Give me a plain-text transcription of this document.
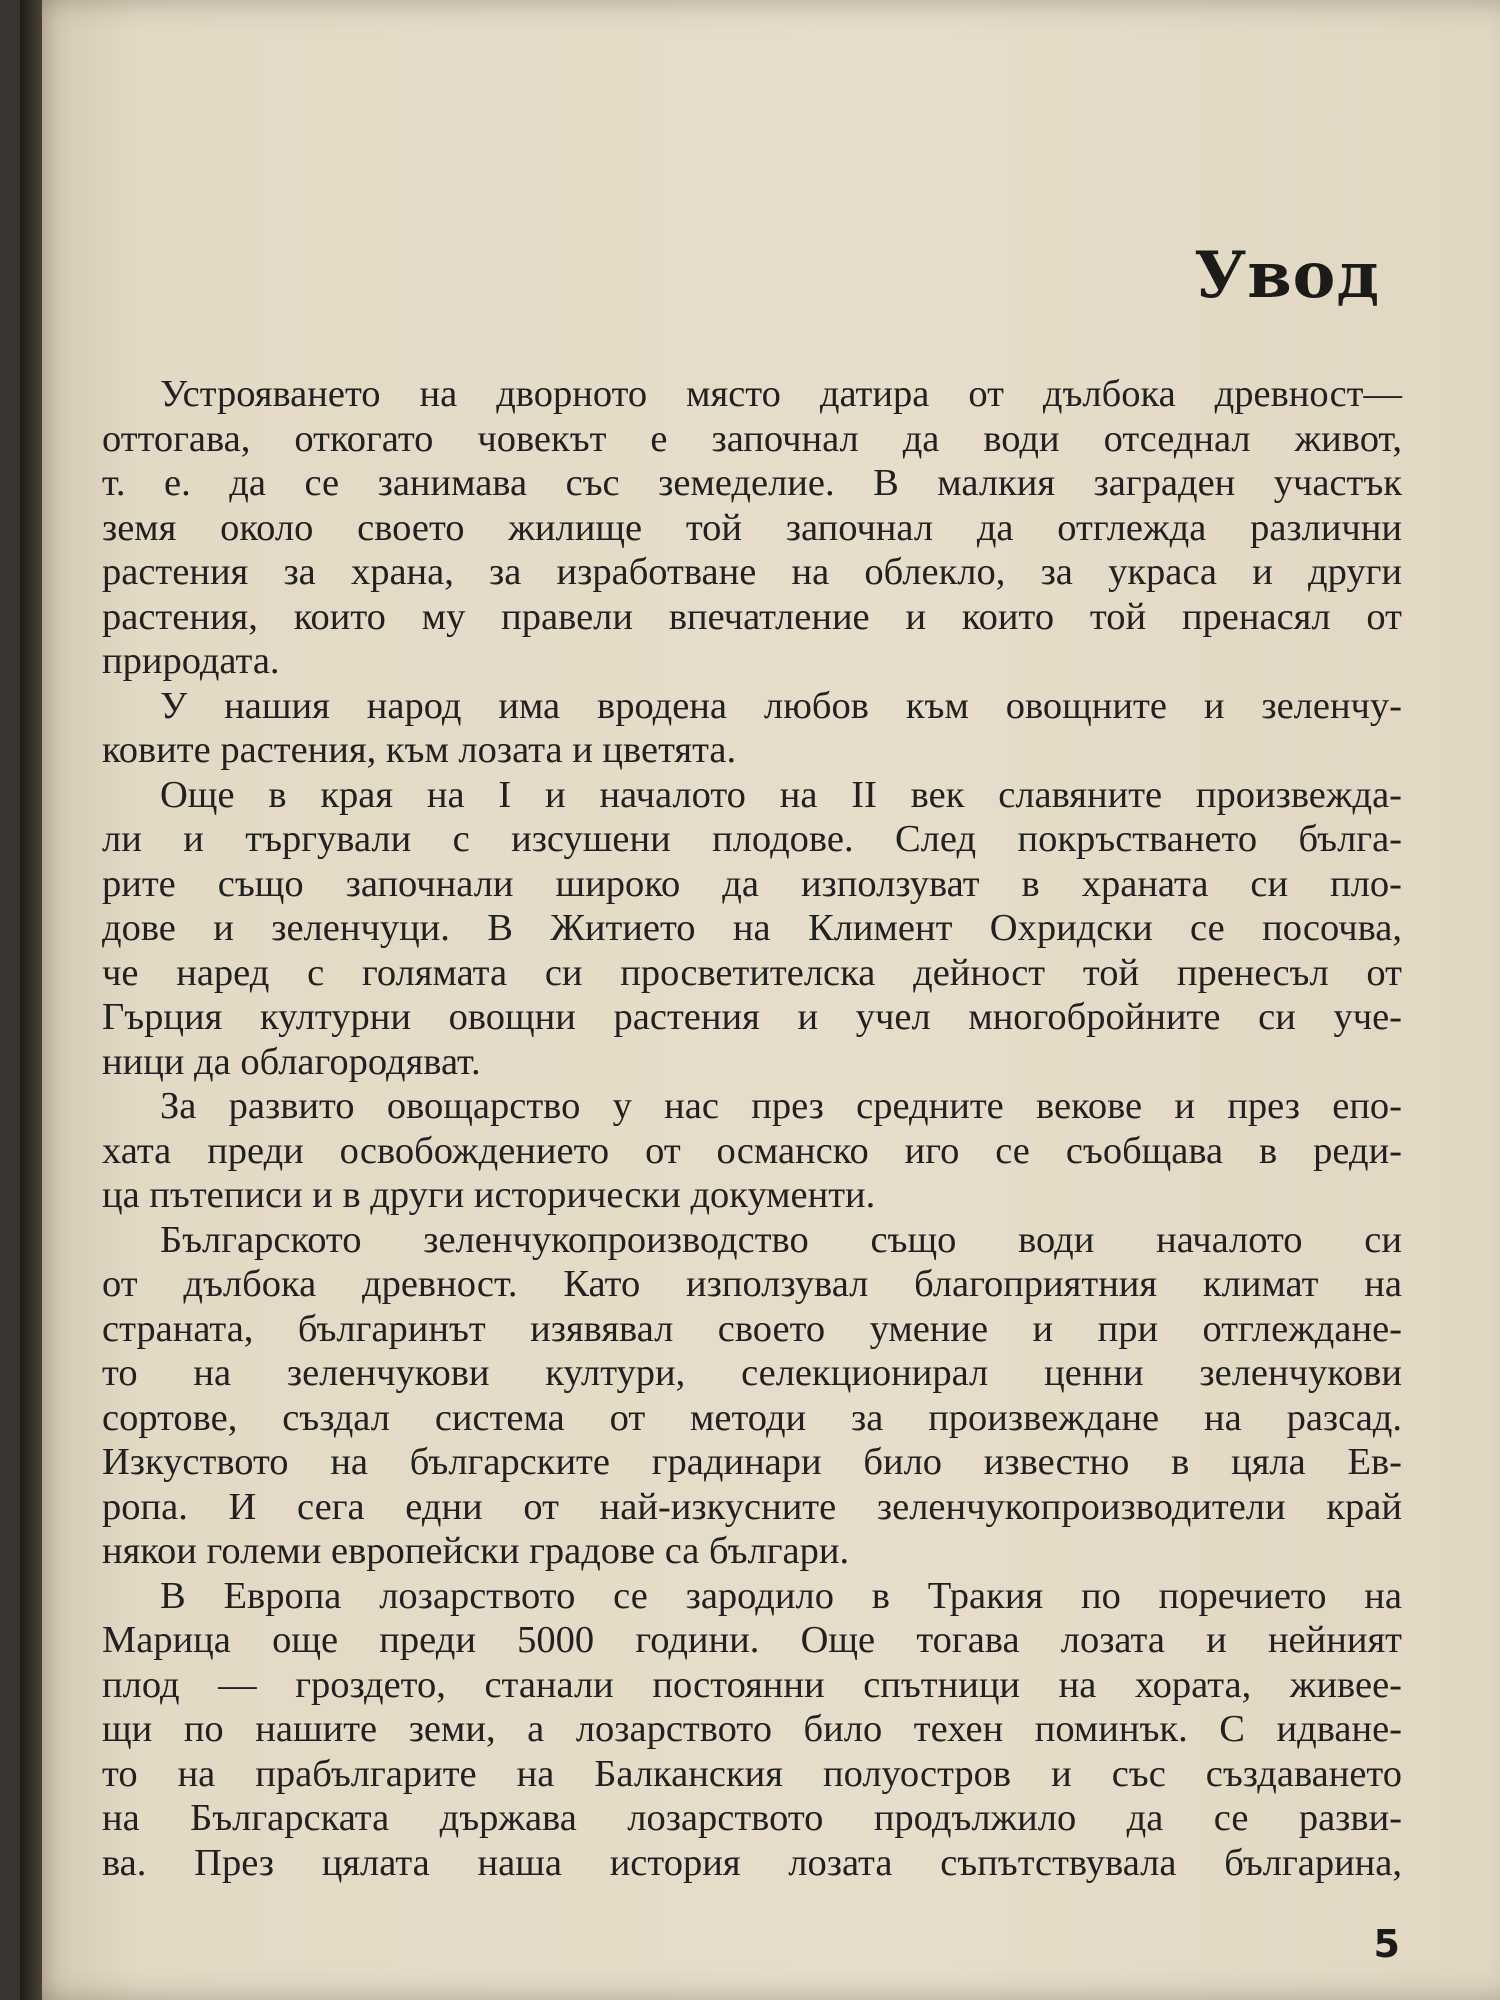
Увод

Устрояването на дворното място датира от дълбока древност—
оттогава, откогато човекът е започнал да води отседнал живот,
т. е. да се занимава със земеделие. В малкия заграден участък
земя около своето жилище той започнал да отглежда различни
растения за храна, за изработване на облекло, за украса и други
растения, които му правели впечатление и които той пренасял от
природата.

У нашия народ има вродена любов към овощните и зеленчу-
ковите растения, към лозата и цветята.

Още в края на I и началото на II век славяните произвежда-
ли и търгували с изсушени плодове. След покръстването бълга-
рите също започнали широко да използуват в храната си пло-
дове и зеленчуци. В Житието на Климент Охридски се посочва,
че наред с голямата си просветителска дейност той пренесъл от
Гърция културни овощни растения и учел многобройните си уче-
ници да облагородяват.

За развито овощарство у нас през средните векове и през епо-
хата преди освобождението от османско иго се съобщава в реди-
ца пътеписи и в други исторически документи.

Българското зеленчукопроизводство също води началото си
от дълбока древност. Като използувал благоприятния климат на
страната, българинът изявявал своето умение и при отглеждане-
то на зеленчукови култури, селекционирал ценни зеленчукови
сортове, създал система от методи за произвеждане на разсад.
Изкуството на българските градинари било известно в цяла Ев-
ропа. И сега едни от най-изкусните зеленчукопроизводители край
някои големи европейски градове са българи.

В Европа лозарството се зародило в Тракия по поречието на
Марица още преди 5000 години. Още тогава лозата и нейният
плод — гроздето, станали постоянни спътници на хората, живее-
щи по нашите земи, а лозарството било техен поминък. С идване-
то на прабългарите на Балканския полуостров и със създаването
на Българската държава лозарството продължило да се разви-
ва. През цялата наша история лозата съпътствувала българина,

5
